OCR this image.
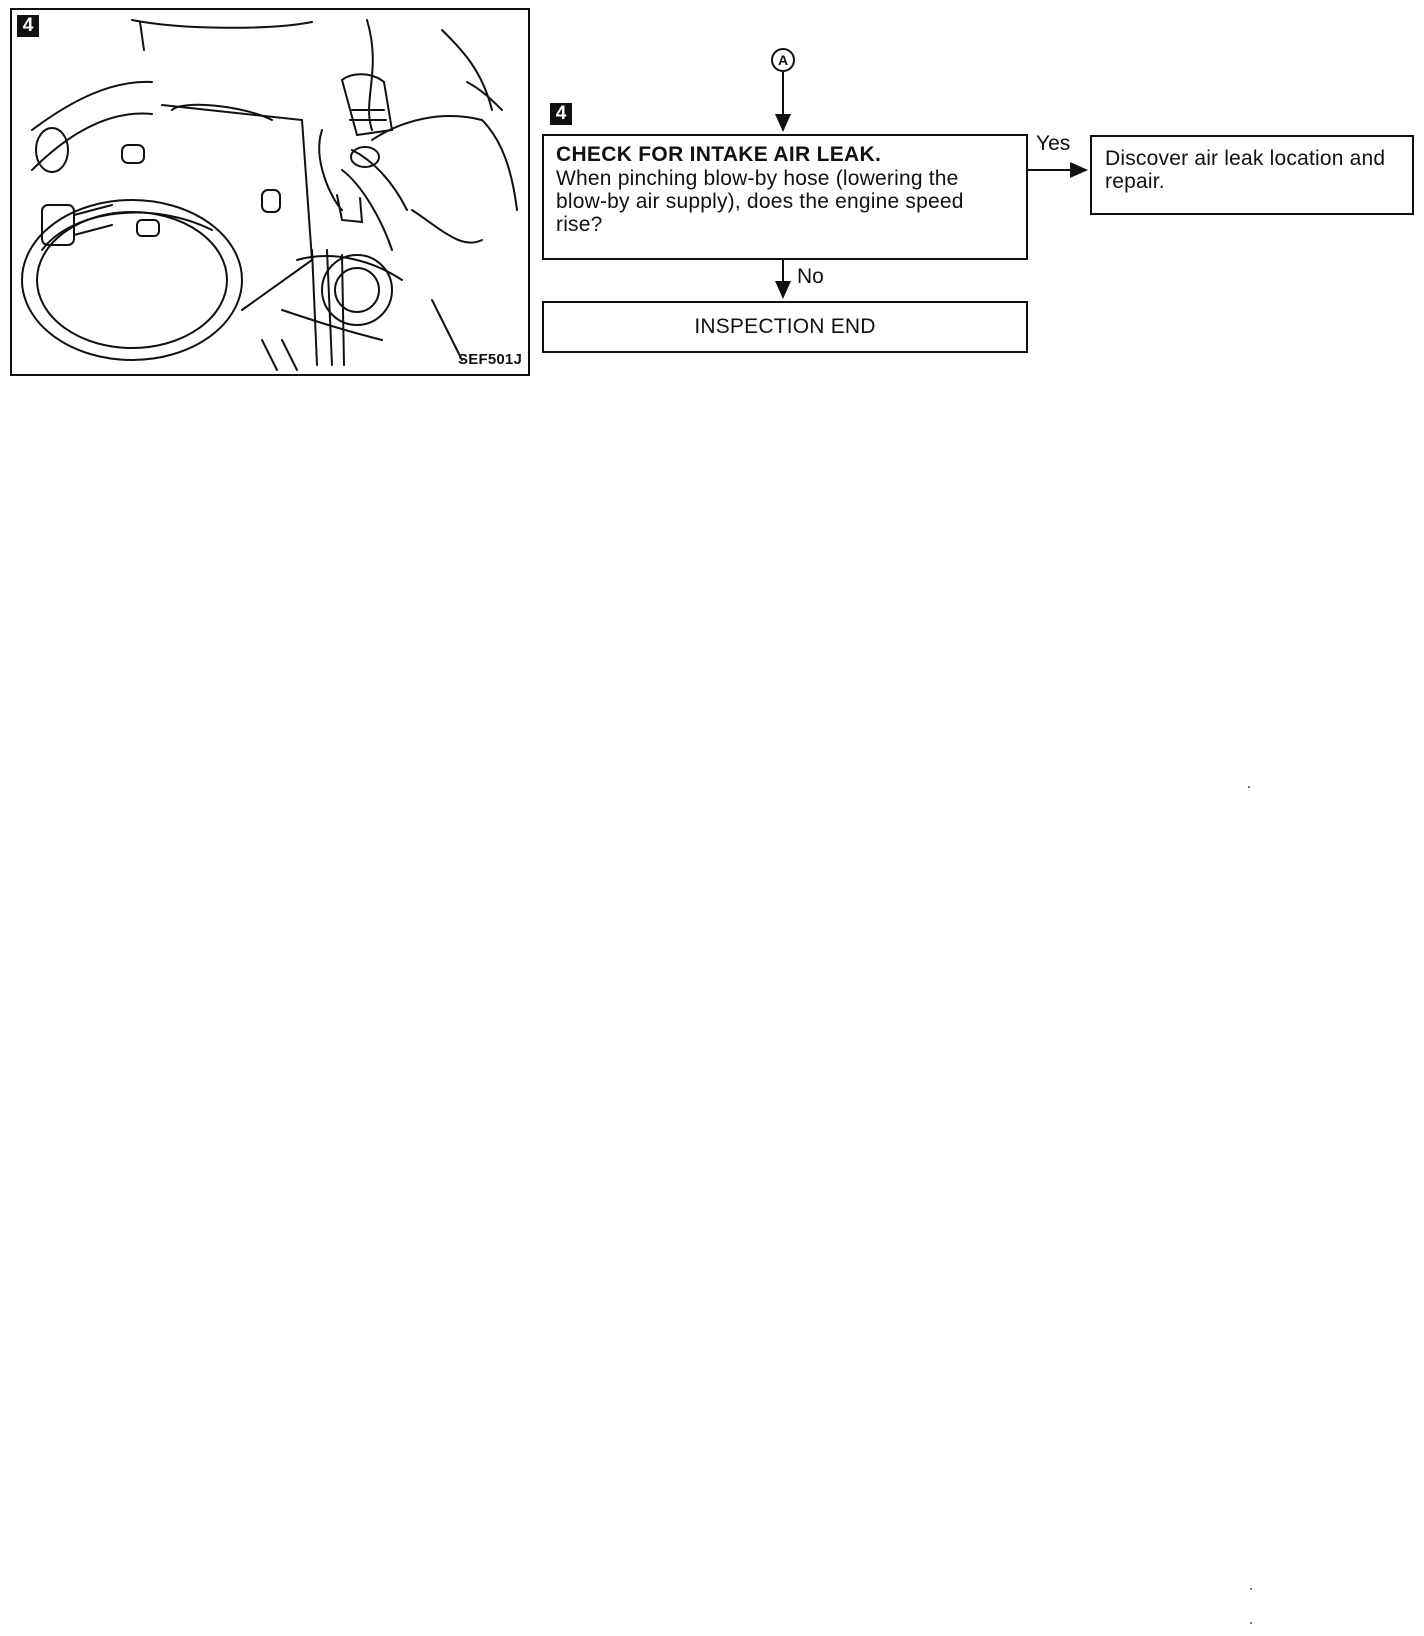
4
SEF501J
A
4
CHECK FOR INTAKE AIR LEAK.
When pinching blow-by hose (lowering the blow-by air supply), does the engine speed rise?
Yes
Discover air leak location and repair.
No
INSPECTION END
